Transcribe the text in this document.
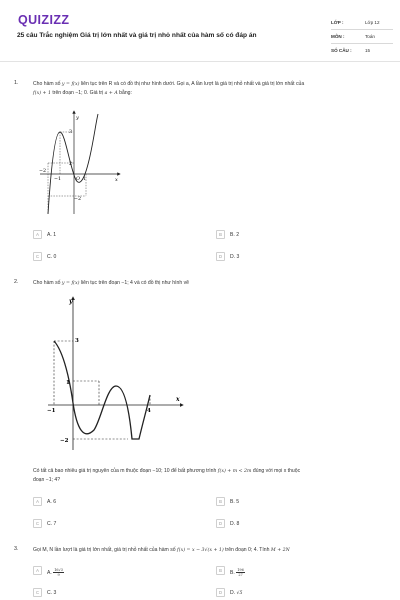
QUIZIZZ
25 câu Trắc nghiệm Giá trị lớn nhất và giá trị nhỏ nhất của hàm số có đáp án
LỚP :	Lớp 12
MÔN :	Toán
SỐ CÂU :	15
1.	Cho hàm số y = f(x) liên tục trên R và có đồ thị như hình dưới. Gọi a, A lần lượt là giá trị nhỏ nhất và giá trị lớn nhất của
f(x) + 1 trên đoạn −1; 0. Giá trị a + A bằng:
y
x
O
3
2
−1
−2
−2
1
A	A. 1	B	B. 2
C	C. 0	D	D. 3
2.	Cho hàm số y = f(x) liên tục trên đoạn −1; 4 và có đồ thị như hình vẽ
y
x
3
1
−1
−2
4
Có tất cả bao nhiêu giá trị nguyên của m thuộc đoạn −10; 10 để bất phương trình f(x) + m < 2m đúng với mọi x thuộc
đoạn −1; 4?
A	A. 6	B	B. 5
C	C. 7	D	D. 8
3.	Gọi M, N lần lượt là giá trị lớn nhất, giá trị nhỏ nhất của hàm số f(x) = x − 3√(x + 1) trên đoạn 0; 4. Tính M + 2N
A	A. $\frac{16√3}{9}$	B	B. $\frac{196}{27}$
C	C. 3	D	D. √5
